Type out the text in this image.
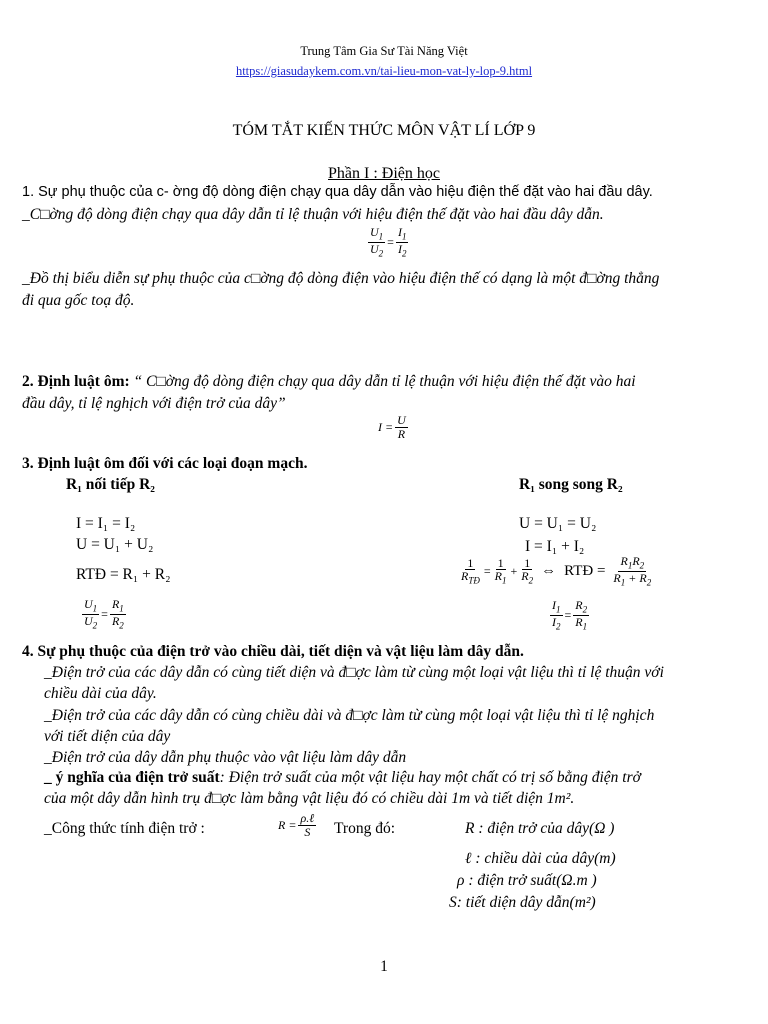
Trung Tâm Gia Sư Tài Năng Việt
https://giasudaykem.com.vn/tai-lieu-mon-vat-ly-lop-9.html
TÓM TẮT KIẾN THỨC MÔN VẬT LÍ LỚP 9
Phần I : Điện học
1. Sự phụ thuộc của c- ờng độ dòng điện chạy qua dây dẫn vào hiệu điện thế đặt vào hai đầu dây.
_C□ờng độ dòng điện chạy qua dây dẫn tỉ lệ thuận với hiệu điện thế đặt vào hai đầu dây dẫn.
$\frac{U_1}{U_2} = \frac{I_1}{I_2}$
_Đồ thị biểu diễn sự phụ thuộc của c□ờng độ dòng điện vào hiệu điện thế có dạng là một đ□ờng thẳng
đi qua gốc toạ độ.
2. Định luật ôm: “ C□ờng độ dòng điện chạy qua dây dẫn tỉ lệ thuận với hiệu điện thế đặt vào hai
đầu dây, tỉ lệ nghịch với điện trở của dây”
$I = \frac{U}{R}$
3. Định luật ôm đối với các loại đoạn mạch.
R₁ nối tiếp R₂	R₁ song song R₂
I = I₁ = I₂
U = U₁ + U₂
RTĐ = R₁ + R₂
$\frac{U_1}{U_2} = \frac{R_1}{R_2}$
U = U₁ = U₂
I = I₁ + I₂
$\frac{1}{R_{TĐ}} = \frac{1}{R_1} + \frac{1}{R_2}$ ⇔ RTĐ = $\frac{R_1R_2}{R_1 + R_2}$
$\frac{I_1}{I_2} = \frac{R_2}{R_1}$
4. Sự phụ thuộc của điện trở vào chiều dài, tiết diện và vật liệu làm dây dẫn.
_Điện trở của các dây dẫn có cùng tiết diện và đ□ợc làm từ cùng một loại vật liệu thì tỉ lệ thuận với
chiều dài của dây.
_Điện trở của các dây dẫn có cùng chiều dài và đ□ợc làm từ cùng một loại vật liệu thì tỉ lệ nghịch
với tiết diện của dây
_Điện trở của dây dẫn phụ thuộc vào vật liệu làm dây dẫn
_ ý nghĩa của điện trở suất: Điện trở suất của một vật liệu hay một chất có trị số bằng điện trở
của một dây dẫn hình trụ đ□ợc làm bằng vật liệu đó có chiều dài 1m và tiết diện 1m².
_Công thức tính điện trở :	$R = \frac{\text{ρ.ℓ}}{S}$ Trong đó:	R : điện trở của dây(Ω )
ℓ : chiều dài của dây(m)
ρ : điện trở suất(Ω.m )
S: tiết diện dây dẫn(m²)
1
